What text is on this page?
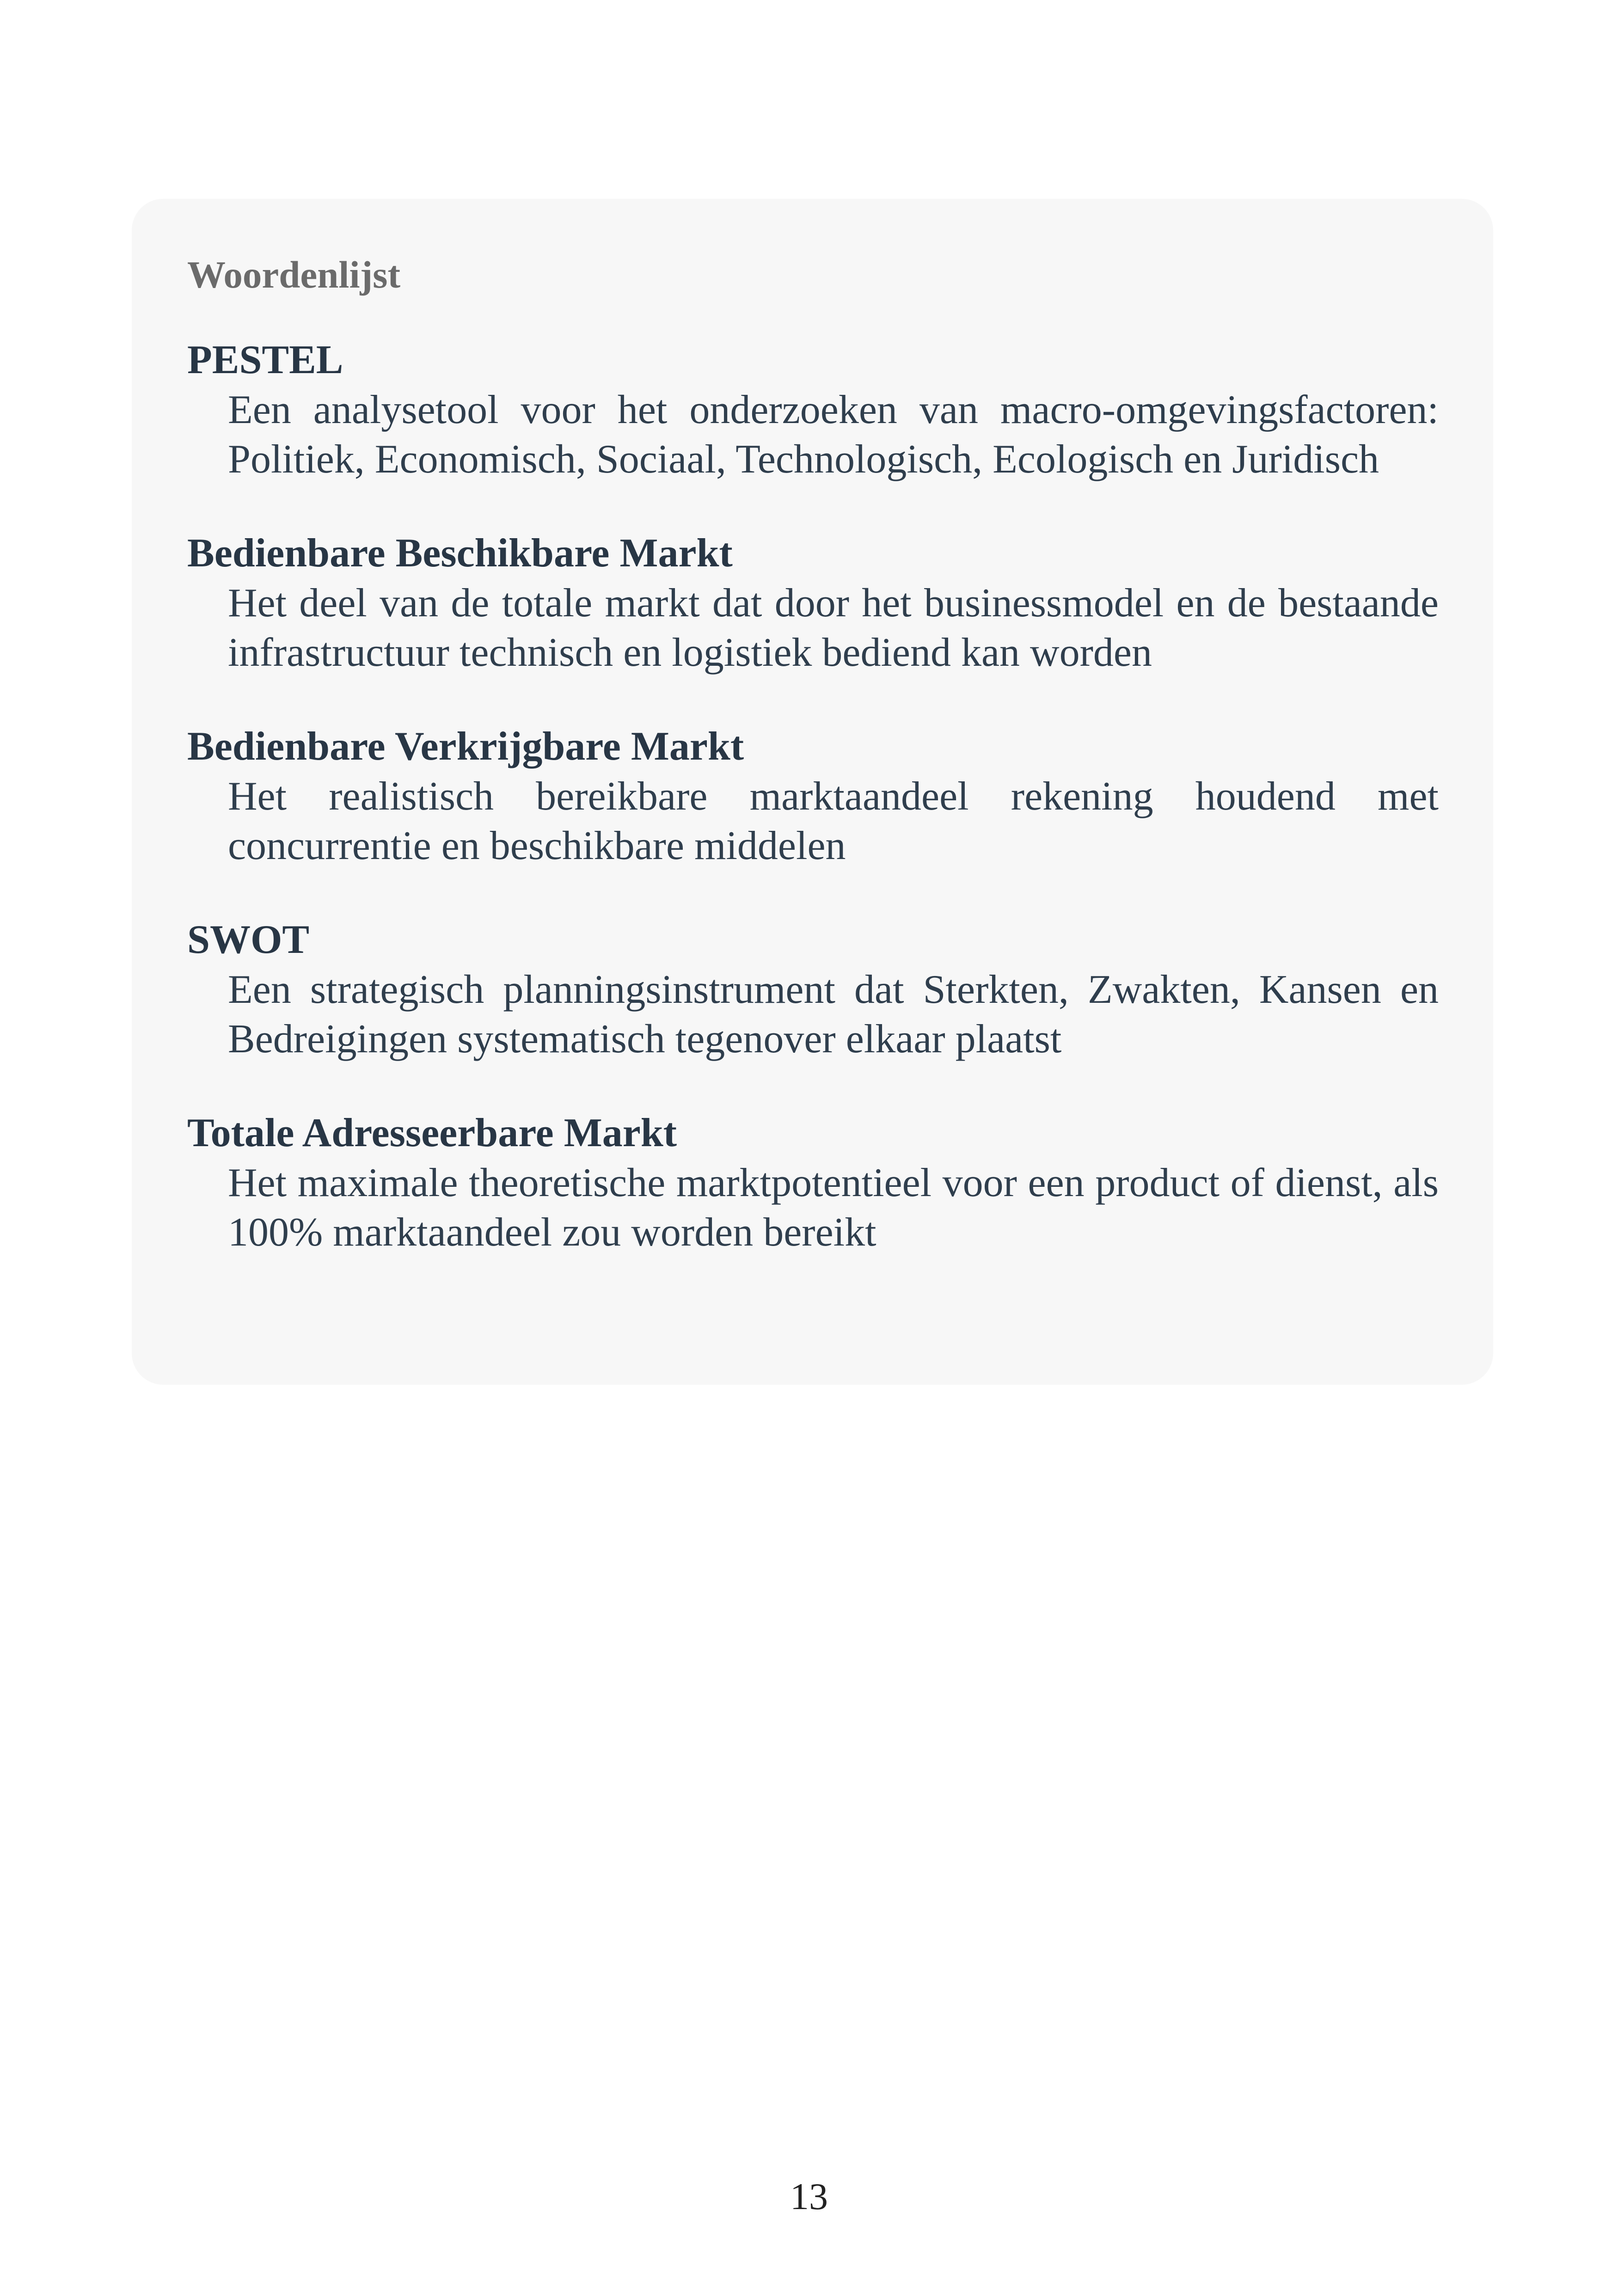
Woordenlijst
PESTEL
Een analysetool voor het onderzoeken van macro-omgevingsfactoren: Politiek, Economisch, Sociaal, Technologisch, Ecologisch en Juridisch
Bedienbare Beschikbare Markt
Het deel van de totale markt dat door het businessmodel en de bestaande infrastructuur technisch en logistiek bediend kan worden
Bedienbare Verkrijgbare Markt
Het realistisch bereikbare marktaandeel rekening houdend met concurrentie en beschikbare middelen
SWOT
Een strategisch planningsinstrument dat Sterkten, Zwakten, Kansen en Bedreigingen systematisch tegenover elkaar plaatst
Totale Adresseerbare Markt
Het maximale theoretische marktpotentieel voor een product of dienst, als 100% marktaandeel zou worden bereikt
13
